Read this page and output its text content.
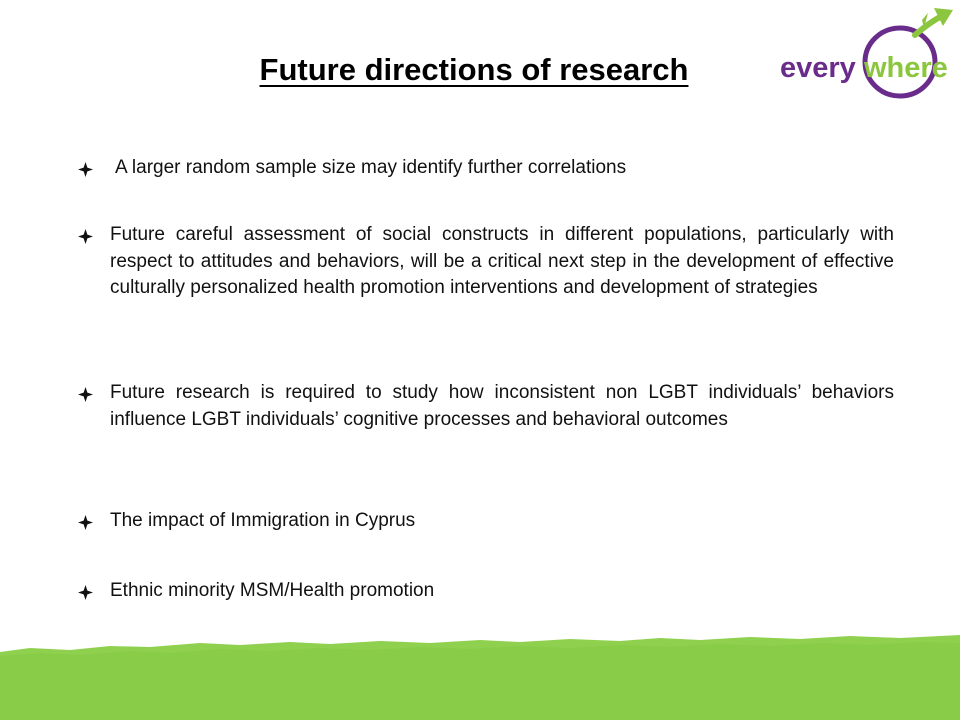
Future directions of research	every where
A larger random sample size may identify further correlations
Future careful assessment of social constructs in different populations, particularly with respect to attitudes and behaviors, will be a critical next step in the development of effective culturally personalized health promotion interventions and development of strategies
Future research is required to study how inconsistent non LGBT individuals’ behaviors influence LGBT individuals’ cognitive processes and behavioral outcomes
The impact of Immigration in Cyprus
Ethnic minority MSM/Health promotion
